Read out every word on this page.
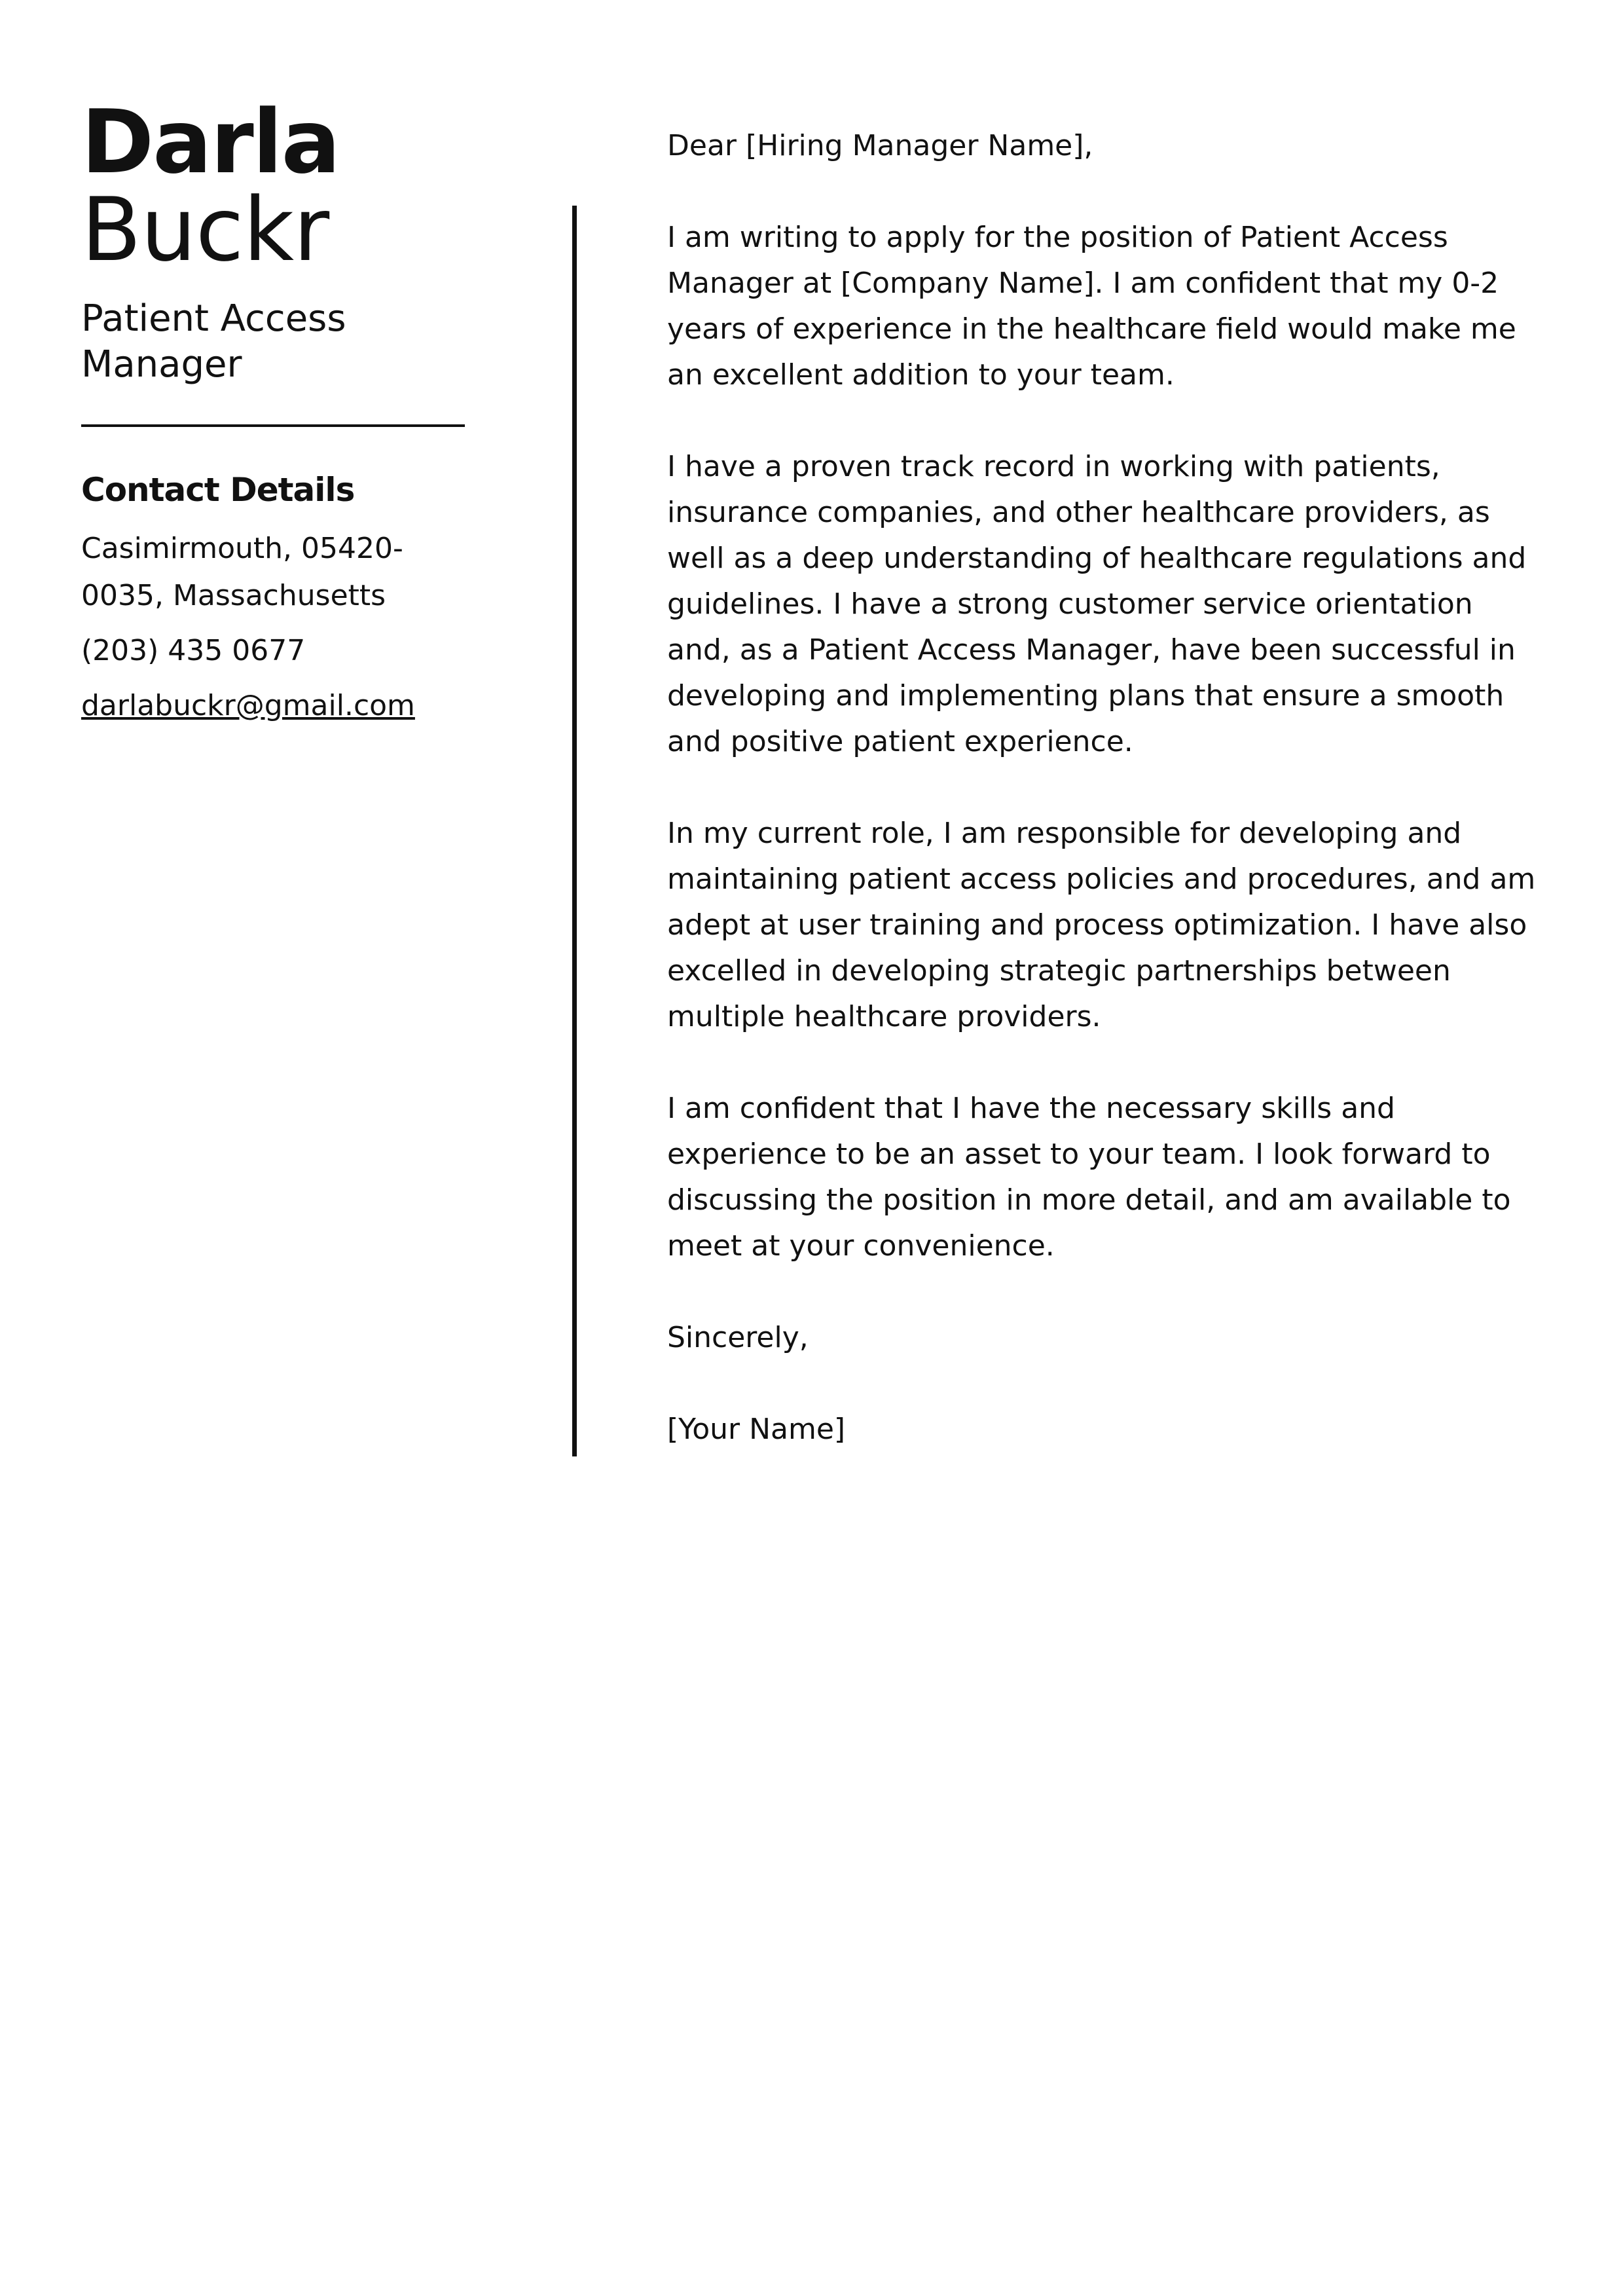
Darla
Buckr
Patient Access Manager
Contact Details
Casimirmouth, 05420-0035, Massachusetts
(203) 435 0677
darlabuckr@gmail.com

Dear [Hiring Manager Name],

I am writing to apply for the position of Patient Access Manager at [Company Name]. I am confident that my 0-2 years of experience in the healthcare field would make me an excellent addition to your team.

I have a proven track record in working with patients, insurance companies, and other healthcare providers, as well as a deep understanding of healthcare regulations and guidelines. I have a strong customer service orientation and, as a Patient Access Manager, have been successful in developing and implementing plans that ensure a smooth and positive patient experience.

In my current role, I am responsible for developing and maintaining patient access policies and procedures, and am adept at user training and process optimization. I have also excelled in developing strategic partnerships between multiple healthcare providers.

I am confident that I have the necessary skills and experience to be an asset to your team. I look forward to discussing the position in more detail, and am available to meet at your convenience.

Sincerely,

[Your Name]
